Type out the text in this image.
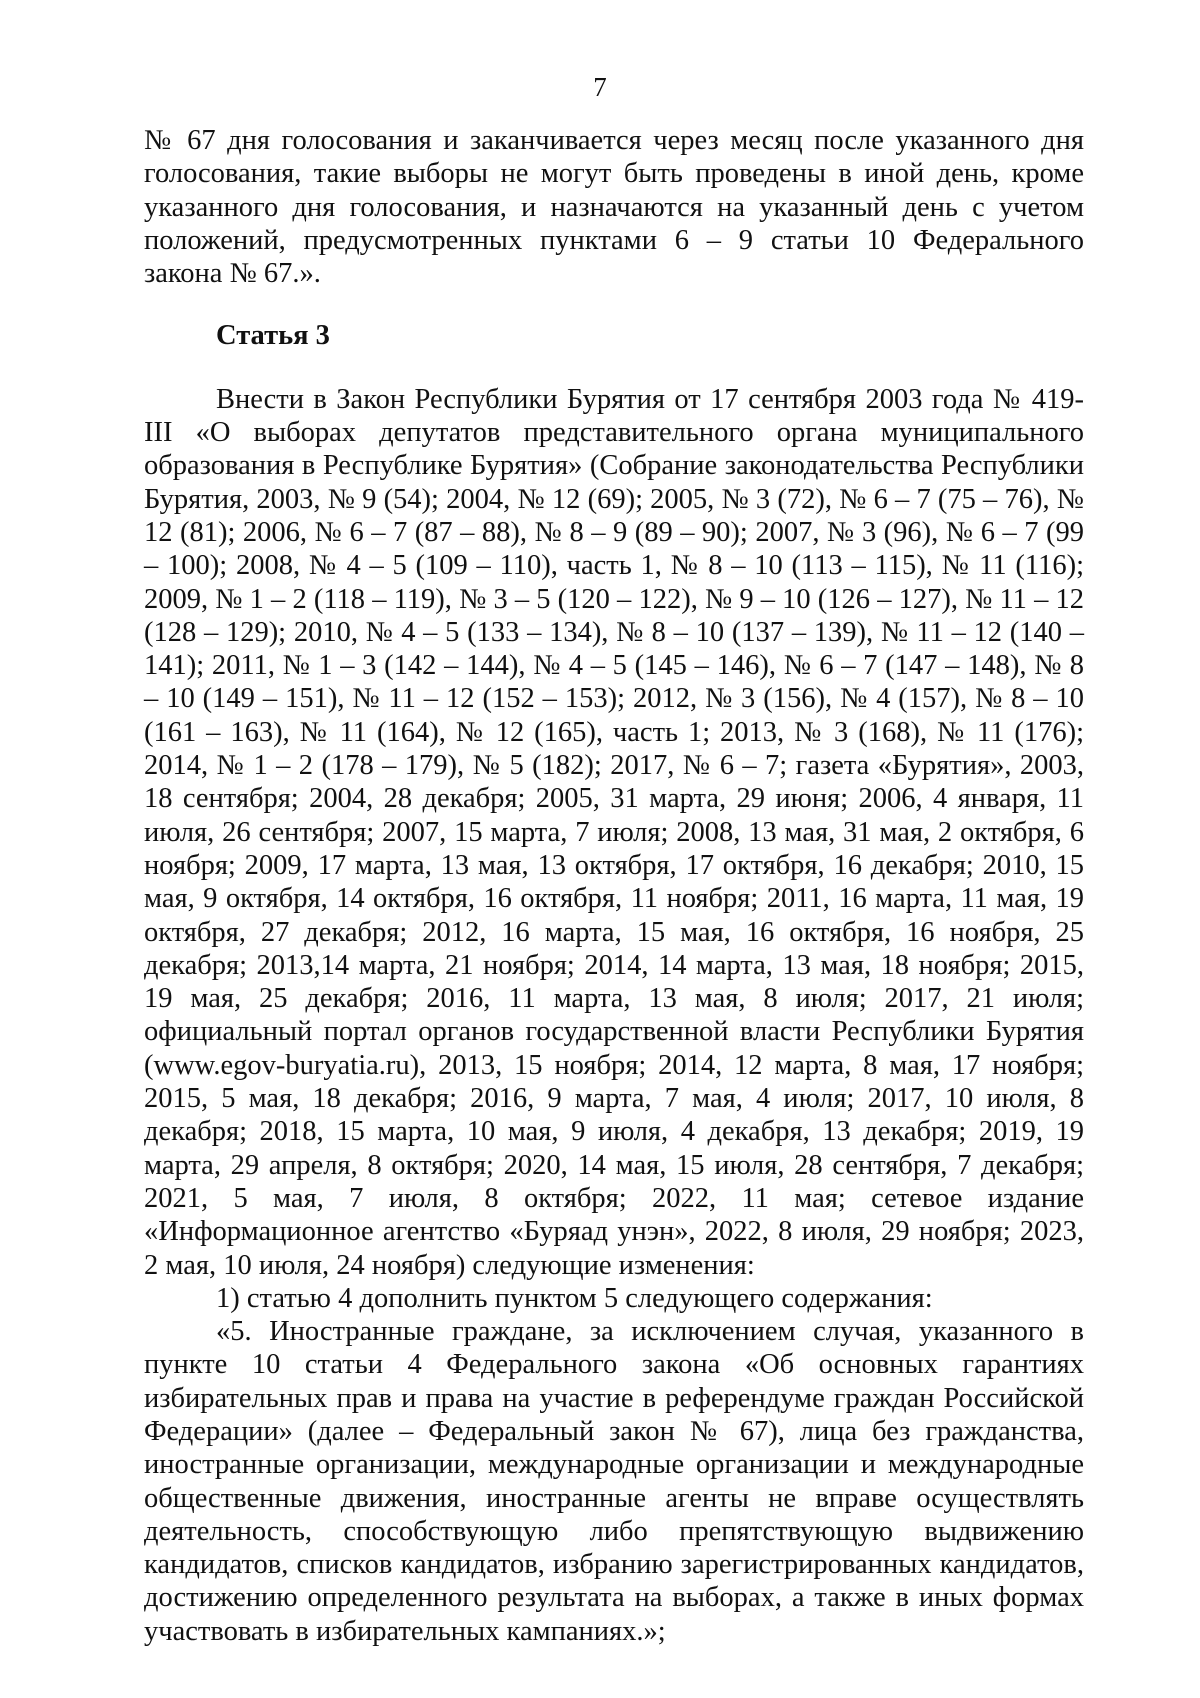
7

№ 67 дня голосования и заканчивается через месяц после указанного дня голосования, такие выборы не могут быть проведены в иной день, кроме указанного дня голосования, и назначаются на указанный день с учетом положений, предусмотренных пунктами 6 – 9 статьи 10 Федерального закона № 67.».

Статья 3

Внести в Закон Республики Бурятия от 17 сентября 2003 года № 419-III «О выборах депутатов представительного органа муниципального образования в Республике Бурятия» (Собрание законодательства Республики Бурятия, 2003, № 9 (54); 2004, № 12 (69); 2005, № 3 (72), № 6 – 7 (75 – 76), № 12 (81); 2006, № 6 – 7 (87 – 88), № 8 – 9 (89 – 90); 2007, № 3 (96), № 6 – 7 (99 – 100); 2008, № 4 – 5 (109 – 110), часть 1, № 8 – 10 (113 – 115), № 11 (116); 2009, № 1 – 2 (118 – 119), № 3 – 5 (120 – 122), № 9 – 10 (126 – 127), № 11 – 12 (128 – 129); 2010, № 4 – 5 (133 – 134), № 8 – 10 (137 – 139), № 11 – 12 (140 – 141); 2011, № 1 – 3 (142 – 144), № 4 – 5 (145 – 146), № 6 – 7 (147 – 148), № 8 – 10 (149 – 151), № 11 – 12 (152 – 153); 2012, № 3 (156), № 4 (157), № 8 – 10 (161 – 163), № 11 (164), № 12 (165), часть 1; 2013, № 3 (168), № 11 (176); 2014, № 1 – 2 (178 – 179), № 5 (182); 2017, № 6 – 7; газета «Бурятия», 2003, 18 сентября; 2004, 28 декабря; 2005, 31 марта, 29 июня; 2006, 4 января, 11 июля, 26 сентября; 2007, 15 марта, 7 июля; 2008, 13 мая, 31 мая, 2 октября, 6 ноября; 2009, 17 марта, 13 мая, 13 октября, 17 октября, 16 декабря; 2010, 15 мая, 9 октября, 14 октября, 16 октября, 11 ноября; 2011, 16 марта, 11 мая, 19 октября, 27 декабря; 2012, 16 марта, 15 мая, 16 октября, 16 ноября, 25 декабря; 2013,14 марта, 21 ноября; 2014, 14 марта, 13 мая, 18 ноября; 2015, 19 мая, 25 декабря; 2016, 11 марта, 13 мая, 8 июля; 2017, 21 июля; официальный портал органов государственной власти Республики Бурятия (www.egov-buryatia.ru), 2013, 15 ноября; 2014, 12 марта, 8 мая, 17 ноября; 2015, 5 мая, 18 декабря; 2016, 9 марта, 7 мая, 4 июля; 2017, 10 июля, 8 декабря; 2018, 15 марта, 10 мая, 9 июля, 4 декабря, 13 декабря; 2019, 19 марта, 29 апреля, 8 октября; 2020, 14 мая, 15 июля, 28 сентября, 7 декабря; 2021, 5 мая, 7 июля, 8 октября; 2022, 11 мая; сетевое издание «Информационное агентство «Буряад унэн», 2022, 8 июля, 29 ноября; 2023, 2 мая, 10 июля, 24 ноября) следующие изменения:

1) статью 4 дополнить пунктом 5 следующего содержания:

«5. Иностранные граждане, за исключением случая, указанного в пункте 10 статьи 4 Федерального закона «Об основных гарантиях избирательных прав и права на участие в референдуме граждан Российской Федерации» (далее – Федеральный закон № 67), лица без гражданства, иностранные организации, международные организации и международные общественные движения, иностранные агенты не вправе осуществлять деятельность, способствующую либо препятствующую выдвижению кандидатов, списков кандидатов, избранию зарегистрированных кандидатов, достижению определенного результата на выборах, а также в иных формах участвовать в избирательных кампаниях.»;
